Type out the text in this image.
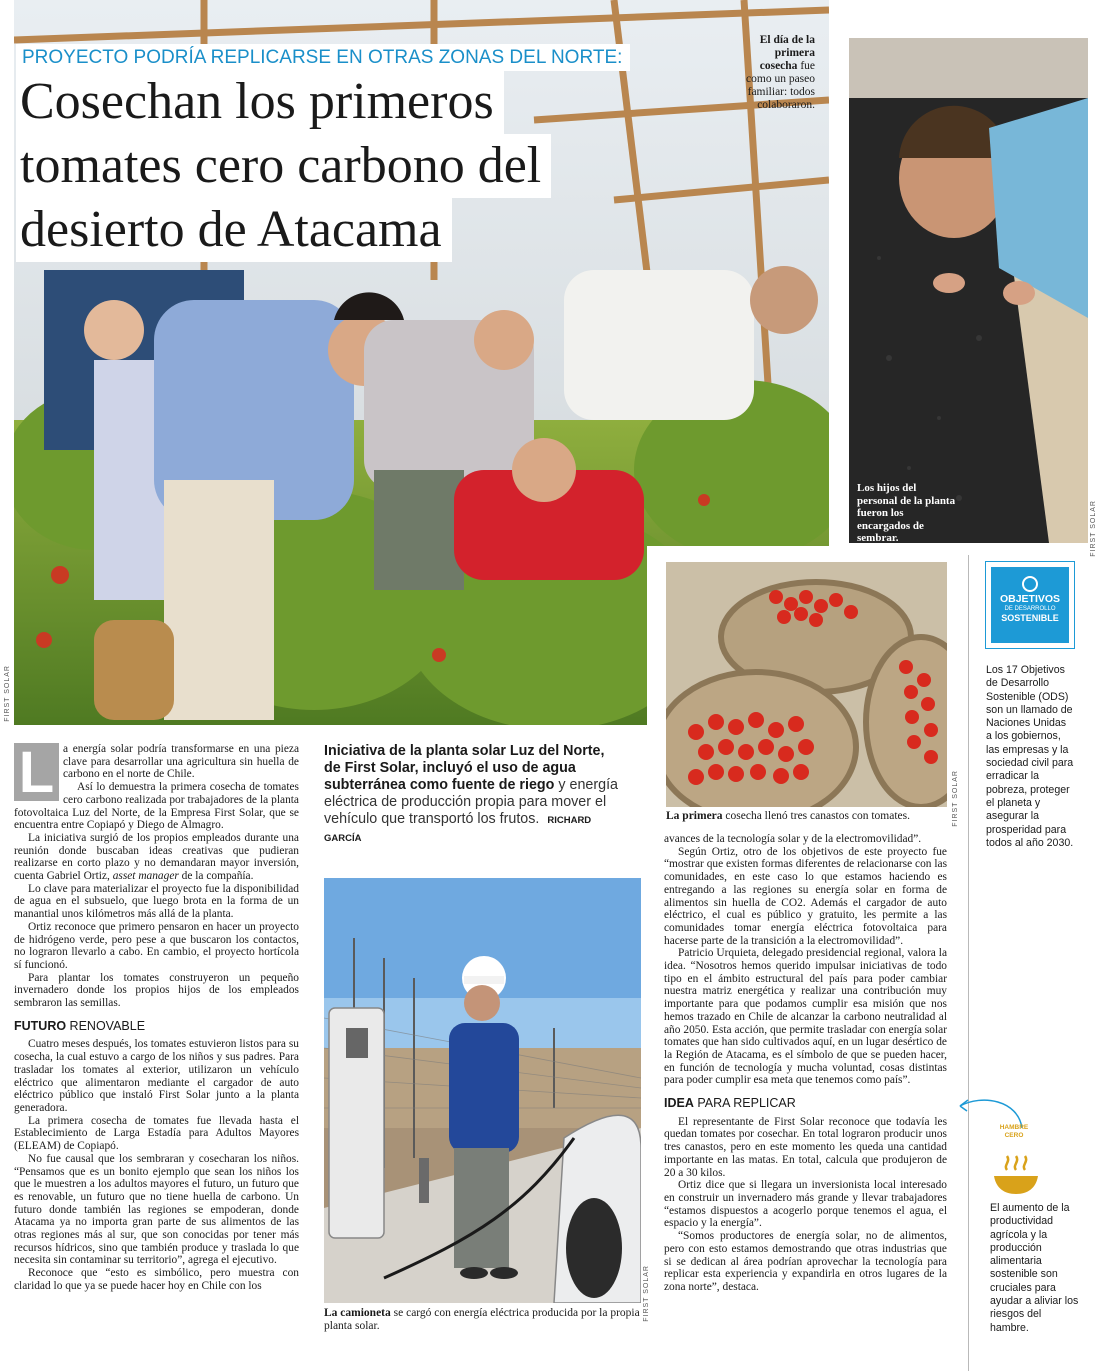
FIRST SOLAR
PROYECTO PODRÍA REPLICARSE EN OTRAS ZONAS DEL NORTE:
Cosechan los primeros
tomates cero carbono del
desierto de Atacama
El día de la primera cosecha fue como un paseo familiar: todos colaboraron.
Los hijos del personal de la planta fueron los encargados de sembrar.	FIRST SOLAR
FIRST SOLAR
La primera cosecha llenó tres canastos con tomates.
OBJETIVOS
DE DESARROLLO
SOSTENIBLE
Los 17 Objetivos de Desarrollo Sostenible (ODS) son un llamado de Naciones Unidas a los gobiernos, las empresas y la sociedad civil para erradicar la pobreza, proteger el planeta y asegurar la prosperidad para todos al año 2030.
HAMBRE
CERO
El aumento de la productividad agrícola y la producción alimentaria sostenible son cruciales para ayudar a aliviar los riesgos del hambre.
L a energía solar podría transformarse en una pieza clave para desarrollar una agricultura sin huella de carbono en el norte de Chile.

Así lo demuestra la primera cosecha de tomates cero carbono realizada por trabajadores de la planta fotovoltaica Luz del Norte, de la Empresa First Solar, que se encuentra entre Copiapó y Diego de Almagro.

La iniciativa surgió de los propios empleados durante una reunión donde buscaban ideas creativas que pudieran realizarse en corto plazo y no demandaran mayor inversión, cuenta Gabriel Ortiz, asset manager de la compañía.

Lo clave para materializar el proyecto fue la disponibilidad de agua en el subsuelo, que luego brota en la forma de un manantial unos kilómetros más allá de la planta.

Ortiz reconoce que primero pensaron en hacer un proyecto de hidrógeno verde, pero pese a que buscaron los contactos, no lograron llevarlo a cabo. En cambio, el proyecto hortícola sí funcionó.

Para plantar los tomates construyeron un pequeño invernadero donde los propios hijos de los empleados sembraron las semillas.

FUTURO RENOVABLE

Cuatro meses después, los tomates estuvieron listos para su cosecha, la cual estuvo a cargo de los niños y sus padres. Para trasladar los tomates al exterior, utilizaron un vehículo eléctrico que alimentaron mediante el cargador de auto eléctrico público que instaló First Solar junto a la planta generadora.

La primera cosecha de tomates fue llevada hasta el Establecimiento de Larga Estadía para Adultos Mayores (ELEAM) de Copiapó.

No fue causal que los sembraran y cosecharan los niños. “Pensamos que es un bonito ejemplo que sean los niños los que le muestren a los adultos mayores el futuro, un futuro que es renovable, un futuro que no tiene huella de carbono. Un futuro donde también las regiones se empoderan, donde Atacama ya no importa gran parte de sus alimentos de las otras regiones más al sur, que son conocidas por tener más recursos hídricos, sino que también produce y traslada lo que necesita sin contaminar su territorio”, agrega el ejecutivo.

Reconoce que “esto es simbólico, pero muestra con claridad lo que ya se puede hacer hoy en Chile con los

Iniciativa de la planta solar Luz del Norte, de First Solar, incluyó el uso de agua subterránea como fuente de riego y energía eléctrica de producción propia para mover el vehículo que transportó los frutos. RICHARD GARCÍA
FIRST SOLAR
La camioneta se cargó con energía eléctrica producida por la propia planta solar.

avances de la tecnología solar y de la electromovilidad”.

Según Ortiz, otro de los objetivos de este proyecto fue “mostrar que existen formas diferentes de relacionarse con las comunidades, en este caso lo que estamos haciendo es entregando a las regiones su energía solar en forma de alimentos sin huella de CO2. Además el cargador de auto eléctrico, el cual es público y gratuito, les permite a las comunidades tomar energía eléctrica fotovoltaica para hacerse parte de la transición a la electromovilidad”.

Patricio Urquieta, delegado presidencial regional, valora la idea. “Nosotros hemos querido impulsar iniciativas de todo tipo en el ámbito estructural del país para poder cambiar nuestra matriz energética y realizar una contribución muy importante para que podamos cumplir esa misión que nos hemos trazado en Chile de alcanzar la carbono neutralidad al año 2050. Esta acción, que permite trasladar con energía solar tomates que han sido cultivados aquí, en un lugar desértico de la Región de Atacama, es el símbolo de que se pueden hacer, en función de tecnología y mucha voluntad, cosas distintas para poder cumplir esa meta que tenemos como país”.

IDEA PARA REPLICAR

El representante de First Solar reconoce que todavía les quedan tomates por cosechar. En total lograron producir unos tres canastos, pero en este momento les queda una cantidad importante en las matas. En total, calcula que produjeron de 20 a 30 kilos.

Ortiz dice que si llegara un inversionista local interesado en construir un invernadero más grande y llevar trabajadores “estamos dispuestos a acogerlo porque tenemos el agua, el espacio y la energía”.

“Somos productores de energía solar, no de alimentos, pero con esto estamos demostrando que otras industrias que si se dedican al área podrían aprovechar la tecnología para replicar esta experiencia y expandirla en otros lugares de la zona norte”, destaca.
